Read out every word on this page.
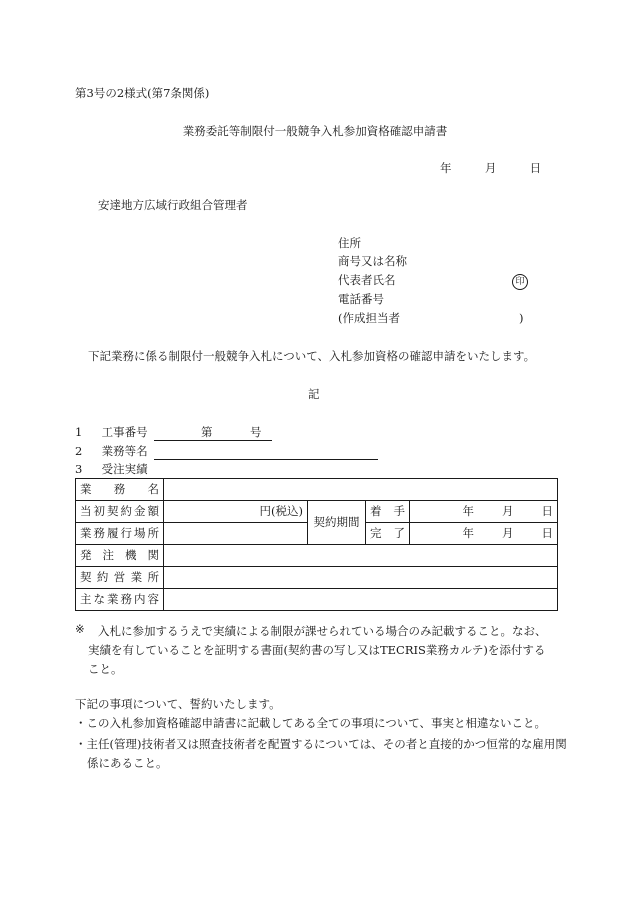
第3号の2様式(第7条関係)
業務委託等制限付一般競争入札参加資格確認申請書
年	月	日
安達地方広域行政組合管理者
住所
商号又は名称
代表者氏名	印
電話番号
(作成担当者	)
下記業務に係る制限付一般競争入札について、入札参加資格の確認申請をいたします。
記
1 工事番号	第	号
2 業務等名
3 受注実績
業務名				
当初契約金額	円(税込)	契約期間	着手	年 月 日

業務履行場所			完了	年 月 日

発注機関				
契約営業所				
主な業務内容				
※	入札に参加するうえで実績による制限が課せられている場合のみ記載すること。なお、実績を有していることを証明する書面(契約書の写し又はTECRIS業務カルテ)を添付すること。
下記の事項について、誓約いたします。
・この入札参加資格確認申請書に記載してある全ての事項について、事実と相違ないこと。
・主任(管理)技術者又は照査技術者を配置するについては、その者と直接的かつ恒常的な雇用関係にあること。
